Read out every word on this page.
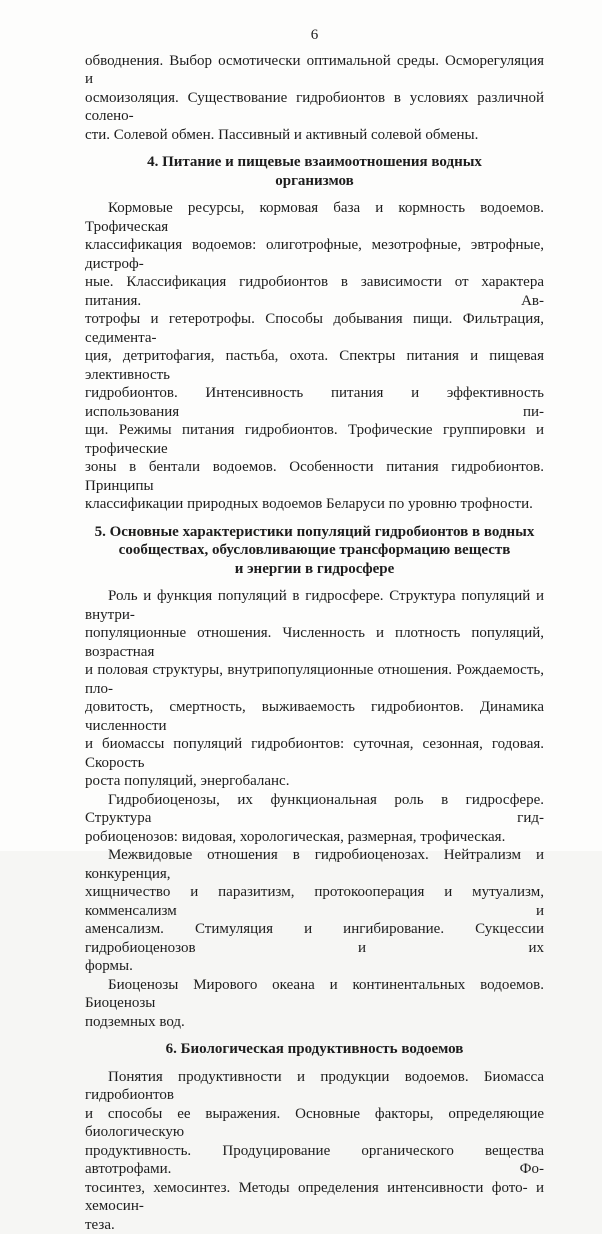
6
обводнения. Выбор осмотически оптимальной среды. Осморегуляция и
осмоизоляция. Существование гидробионтов в условиях различной солено-
сти. Солевой обмен. Пассивный и активный солевой обмены.
4. Питание и пищевые взаимоотношения водных
организмов
Кормовые ресурсы, кормовая база и кормность водоемов. Трофическая
классификация водоемов: олиготрофные, мезотрофные, эвтрофные, дистроф-
ные. Классификация гидробионтов в зависимости от характера питания. Ав-
тотрофы и гетеротрофы. Способы добывания пищи. Фильтрация, седимента-
ция, детритофагия, пастьба, охота. Спектры питания и пищевая элективность
гидробионтов. Интенсивность питания и эффективность использования пи-
щи. Режимы питания гидробионтов. Трофические группировки и трофические
зоны в бентали водоемов. Особенности питания гидробионтов. Принципы
классификации природных водоемов Беларуси по уровню трофности.
5. Основные характеристики популяций гидробионтов в водных
сообществах, обусловливающие трансформацию веществ
и энергии в гидросфере
Роль и функция популяций в гидросфере. Структура популяций и внутри-
популяционные отношения. Численность и плотность популяций, возрастная
и половая структуры, внутрипопуляционные отношения. Рождаемость, пло-
довитость, смертность, выживаемость гидробионтов. Динамика численности
и биомассы популяций гидробионтов: суточная, сезонная, годовая. Скорость
роста популяций, энергобаланс.
Гидробиоценозы, их функциональная роль в гидросфере. Структура гид-
робиоценозов: видовая, хорологическая, размерная, трофическая.
Межвидовые отношения в гидробиоценозах. Нейтрализм и конкуренция,
хищничество и паразитизм, протокооперация и мутуализм, комменсализм и
аменсализм. Стимуляция и ингибирование. Сукцессии гидробиоценозов и их
формы.
Биоценозы Мирового океана и континентальных водоемов. Биоценозы
подземных вод.
6. Биологическая продуктивность водоемов
Понятия продуктивности и продукции водоемов. Биомасса гидробионтов
и способы ее выражения. Основные факторы, определяющие биологическую
продуктивность. Продуцирование органического вещества автотрофами. Фо-
тосинтез, хемосинтез. Методы определения интенсивности фото- и хемосин-
теза.
